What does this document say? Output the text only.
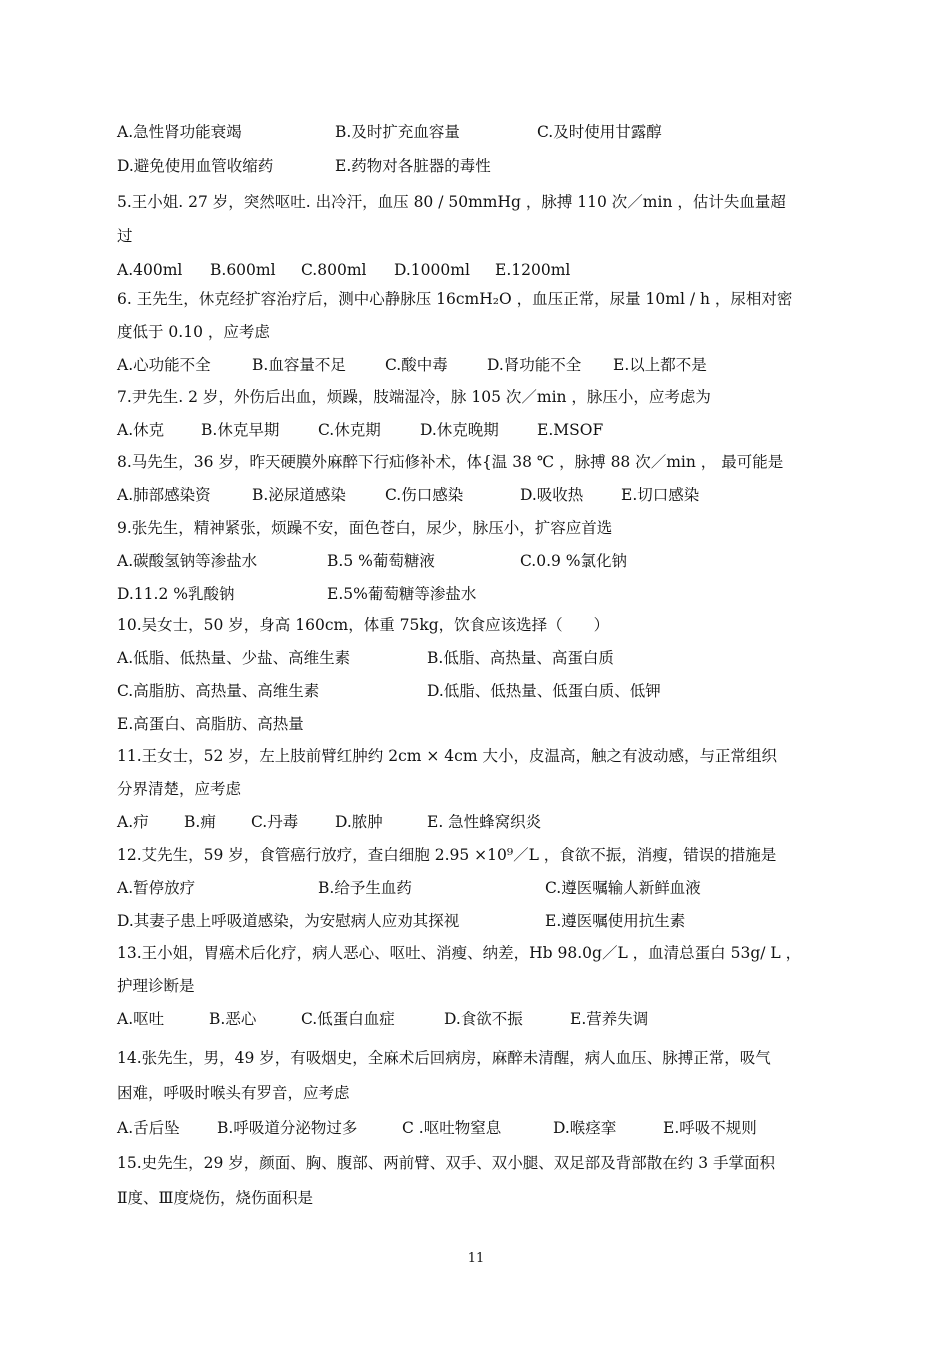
A.急性肾功能衰竭	B.及时扩充血容量	C.及时使用甘露醇
D.避免使用血管收缩药	E.药物对各脏器的毒性
5.王小姐. 27 岁，突然呕吐. 出冷汗，血压 80 / 50mmHg ，脉搏 110 次／min ，估计失血量超
过
A.400ml B.600ml C.800ml D.1000ml E.1200ml
6. 王先生，休克经扩容治疗后，测中心静脉压 16cmH₂O ，血压正常，尿量 10ml / h ，尿相对密
度低于 0.10 ，应考虑
A.心功能不全	B.血容量不足	C.酸中毒	D.肾功能不全 E.以上都不是
7.尹先生. 2 岁，外伤后出血，烦躁，肢端湿冷，脉 105 次／min ，脉压小，应考虑为
A.休克 B.休克早期 C.休克期	D.休克晚期 E.MSOF
8.马先生，36 岁，昨天硬膜外麻醉下行疝修补术，体{温 38 ℃ ，脉搏 88 次／min ， 最可能是
A.肺部感染资	B.泌尿道感染	C.伤口感染	D.吸收热 E.切口感染
9.张先生，精神紧张，烦躁不安，面色苍白，尿少，脉压小，扩容应首选
A.碳酸氢钠等渗盐水	B.5 %葡萄糖液	C.0.9 %氯化钠
D.11.2 %乳酸钠	E.5%葡萄糖等渗盐水
10.吴女士，50 岁，身高 160cm，体重 75kg，饮食应该选择（　　）
A.低脂、低热量、少盐、高维生素	B.低脂、高热量、高蛋白质
C.高脂肪、高热量、高维生素	D.低脂、低热量、低蛋白质、低钾
E.高蛋白、高脂肪、高热量
11.王女士，52 岁，左上肢前臂红肿约 2cm × 4cm 大小，皮温高，触之有波动感，与正常组织
分界清楚，应考虑
A.疖 B.痈 C.丹毒 D.脓肿	E. 急性蜂窝织炎
12.艾先生，59 岁，食管癌行放疗，查白细胞 2.95 ×10⁹／L ，食欲不振，消瘦，错误的措施是
A.暂停放疗	B.给予生血药	C.遵医嘱输人新鲜血液
D.其妻子患上呼吸道感染，为安慰病人应劝其探视	E.遵医嘱使用抗生素
13.王小姐，胃癌术后化疗，病人恶心、呕吐、消瘦、纳差，Hb 98.0g／L ，血清总蛋白 53g/ L ，
护理诊断是
A.呕吐	B.恶心	C.低蛋白血症	D.食欲不振	E.营养失调
14.张先生，男，49 岁，有吸烟史，全麻术后回病房，麻醉未清醒，病人血压、脉搏正常，吸气
困难，呼吸时喉头有罗音，应考虑
A.舌后坠 B.呼吸道分泌物过多	C .呕吐物窒息	D.喉痉挛	E.呼吸不规则
15.史先生，29 岁，颜面、胸、腹部、两前臂、双手、双小腿、双足部及背部散在约 3 手掌面积
Ⅱ度、Ⅲ度烧伤，烧伤面积是
11
